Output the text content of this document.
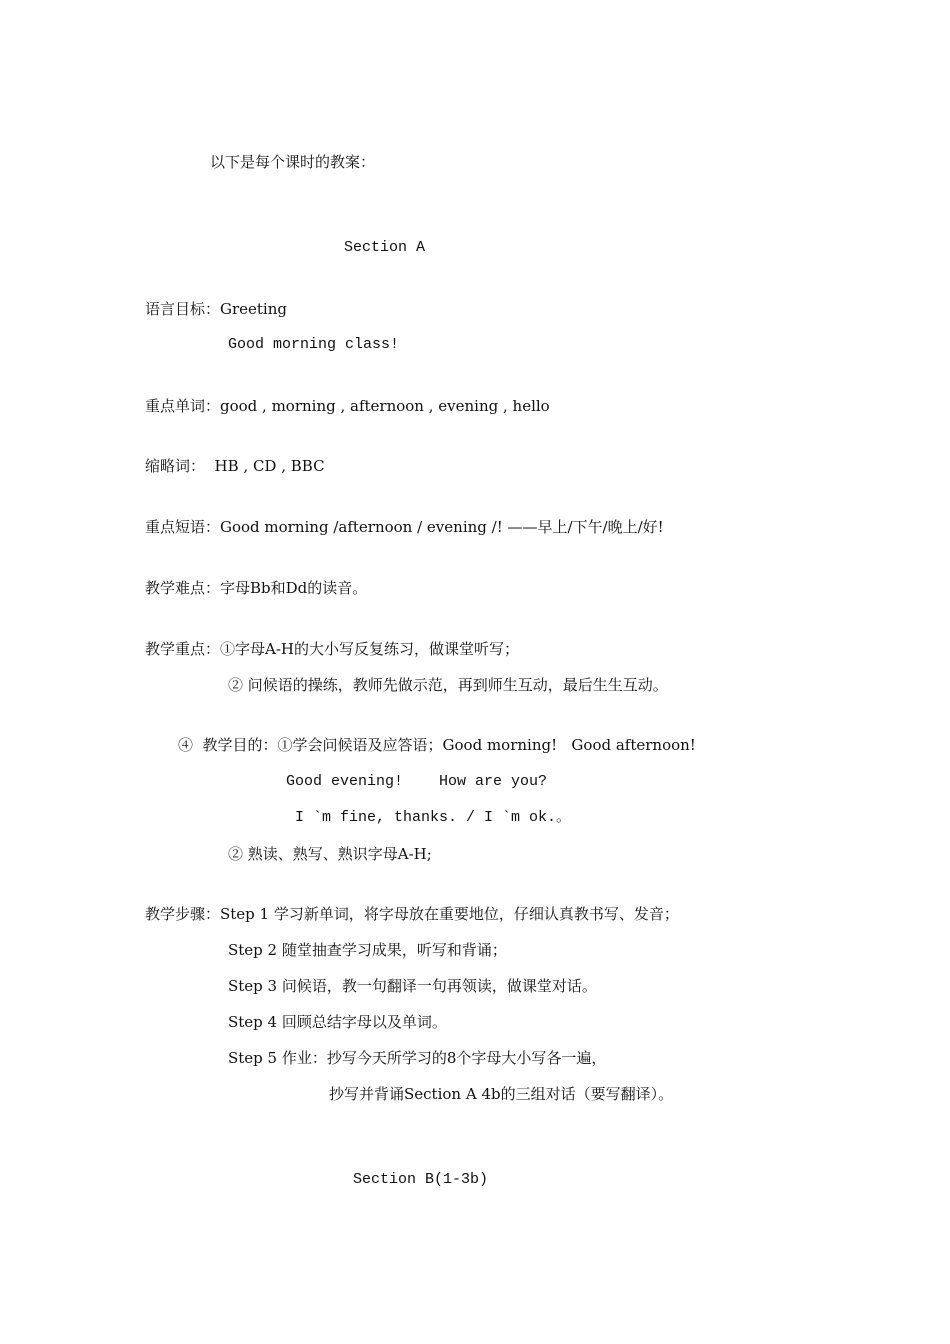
以下是每个课时的教案：
Section A
语言目标：Greeting
Good morning class!
重点单词：good , morning , afternoon , evening , hello
缩略词：  HB , CD , BBC
重点短语：Good morning /afternoon / evening /! ——早上/下午/晚上/好!
教学难点：字母Bb和Dd的读音。
教学重点：①字母A-H的大小写反复练习，做课堂听写；
② 问候语的操练，教师先做示范，再到师生互动，最后生生互动。
④  教学目的：①学会问候语及应答语；Good morning!   Good afternoon!
Good evening!    How are you?
I `m fine, thanks. / I `m ok.。
② 熟读、熟写、熟识字母A-H;
教学步骤：Step 1 学习新单词，将字母放在重要地位，仔细认真教书写、发音；
Step 2 随堂抽查学习成果，听写和背诵；
Step 3 问候语，教一句翻译一句再领读，做课堂对话。
Step 4 回顾总结字母以及单词。
Step 5 作业：抄写今天所学习的8个字母大小写各一遍，
抄写并背诵Section A 4b的三组对话（要写翻译）。
Section B(1-3b)
